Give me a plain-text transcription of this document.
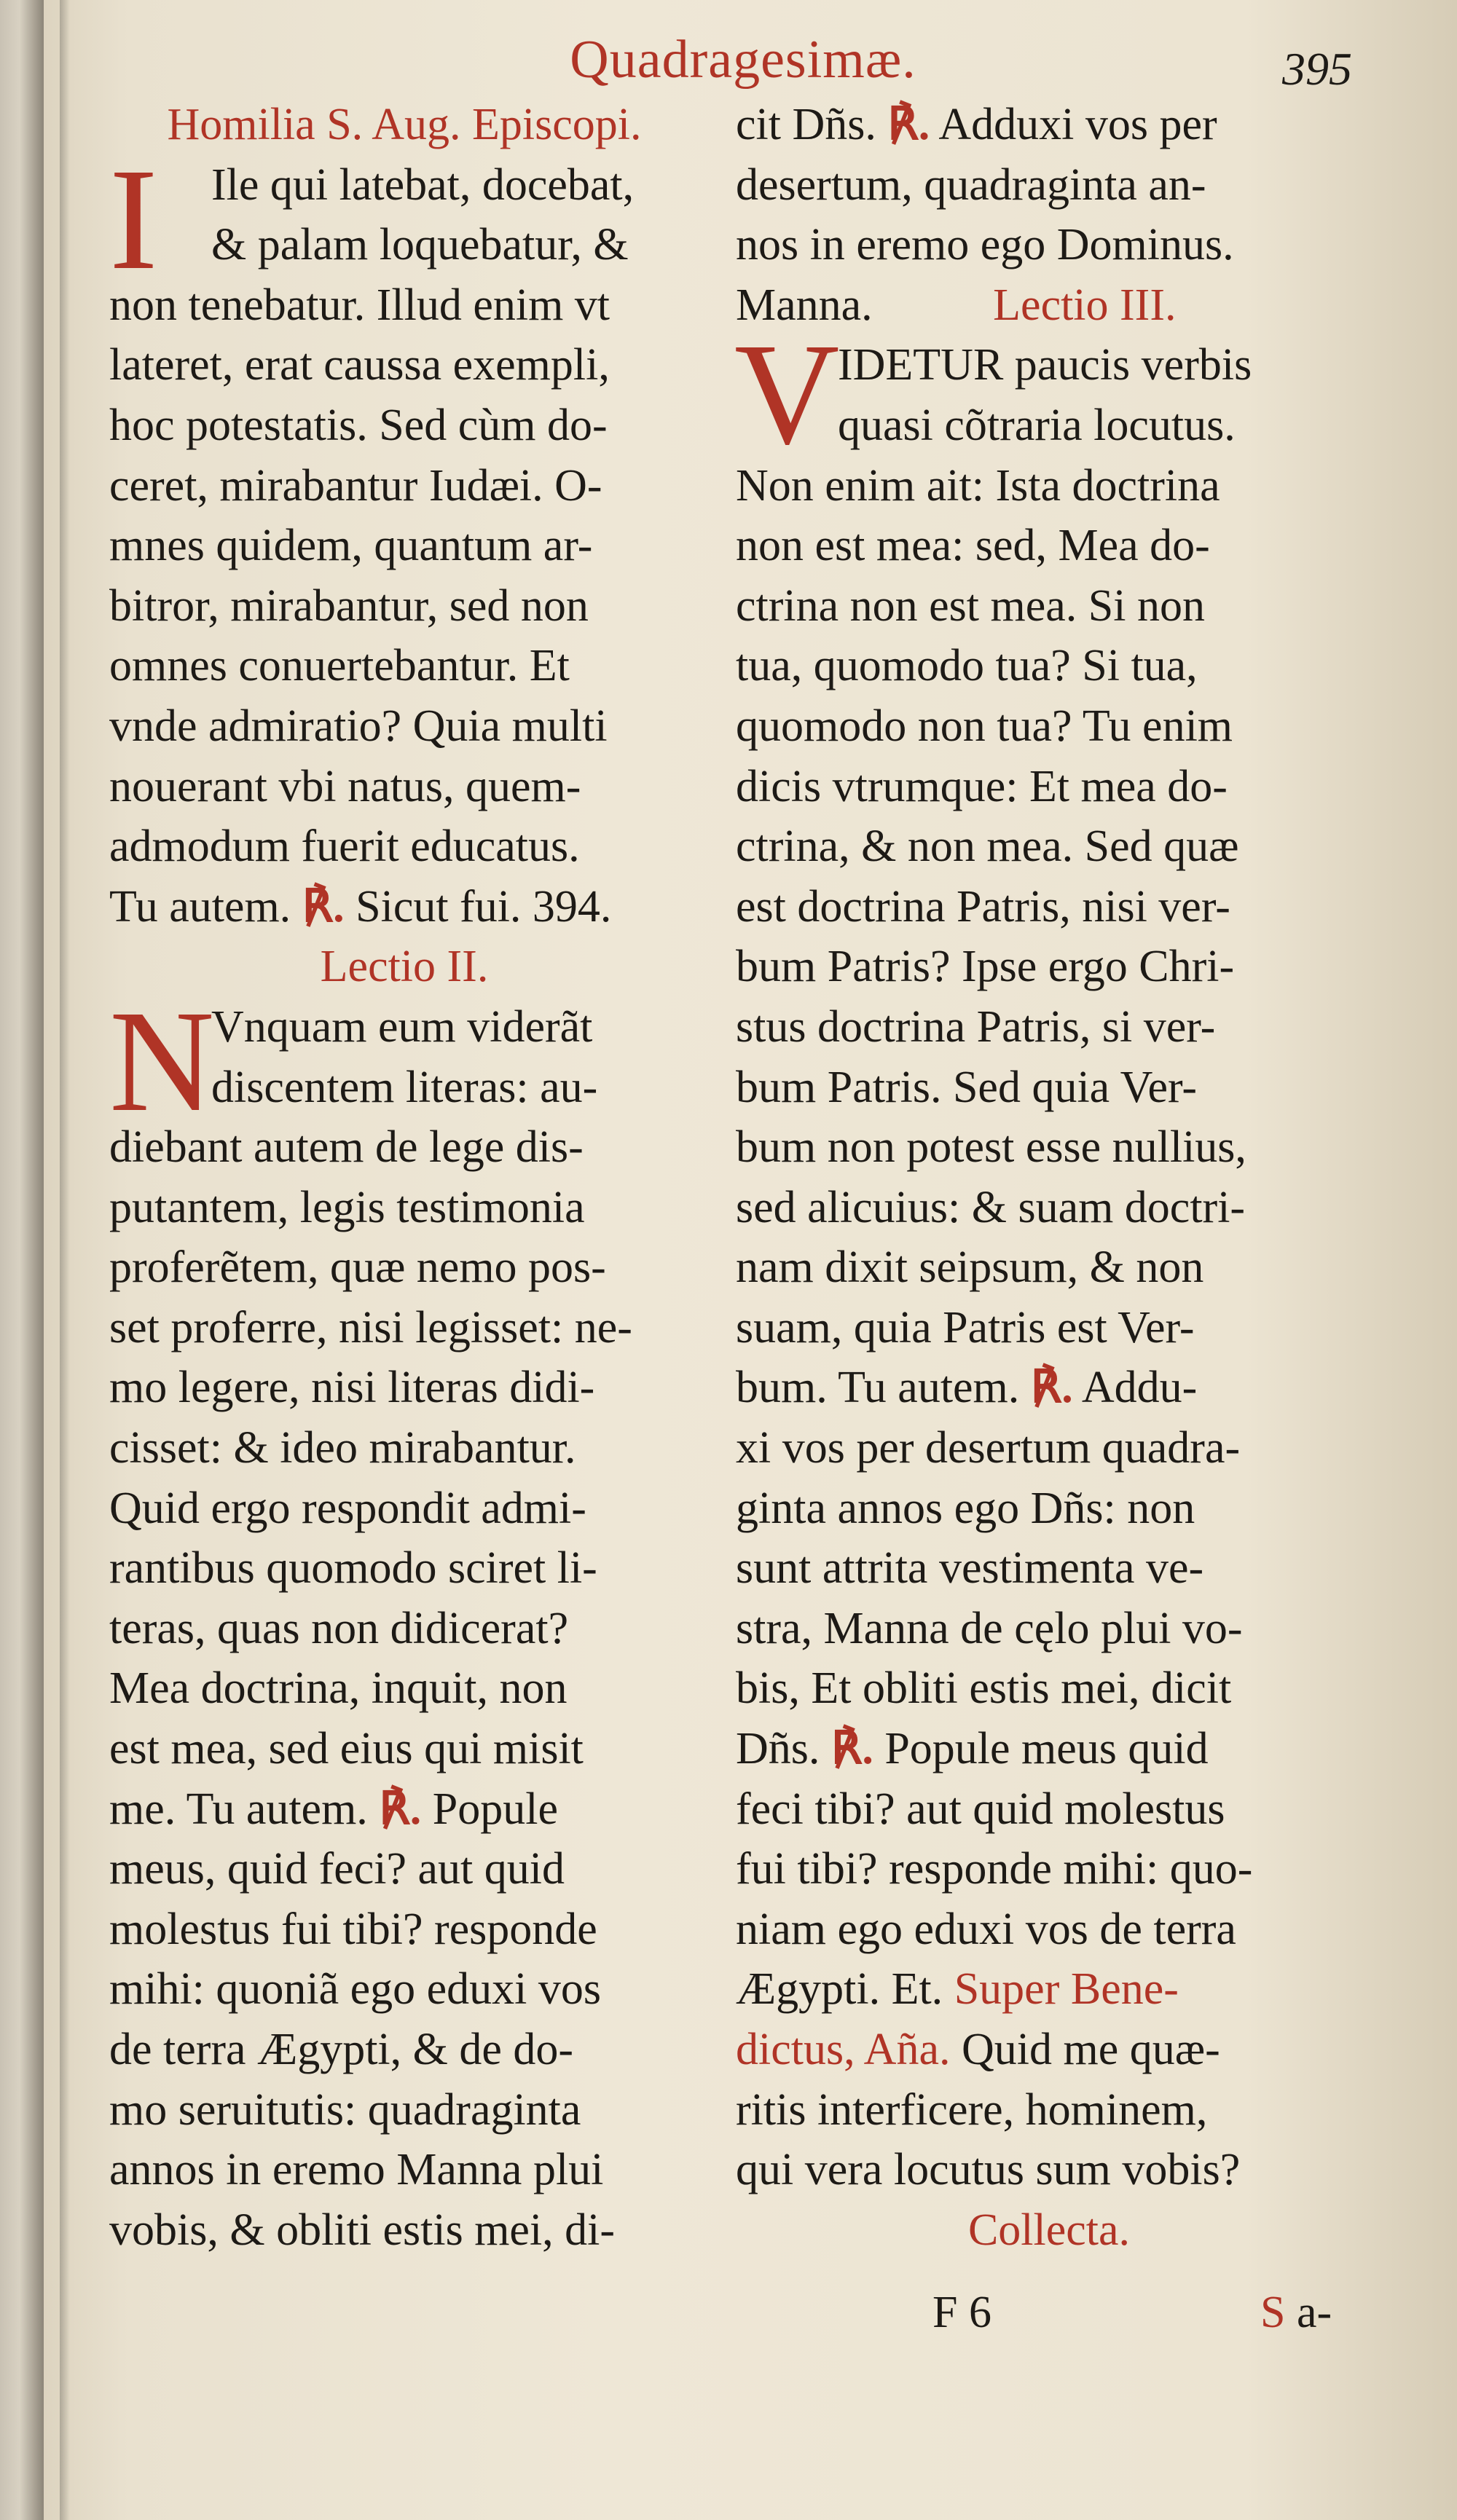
Quadragesimæ.	395
Homilia S. Aug. Episcopi.
Ile qui latebat, docebat,
& palam loquebatur, &
non tenebatur. Illud enim vt
lateret, erat caussa exempli,
hoc potestatis. Sed cùm do-
ceret, mirabantur Iudæi. O-
mnes quidem, quantum ar-
bitror, mirabantur, sed non
omnes conuertebantur. Et
vnde admiratio? Quia multi
nouerant vbi natus, quem-
admodum fuerit educatus.
Tu autem. ℟. Sicut fui. 394.
Lectio II.
Vnquam eum viderãt
discentem literas: au-
diebant autem de lege dis-
putantem, legis testimonia
proferẽtem, quæ nemo pos-
set proferre, nisi legisset: ne-
mo legere, nisi literas didi-
cisset: & ideo mirabantur.
Quid ergo respondit admi-
rantibus quomodo sciret li-
teras, quas non didicerat?
Mea doctrina, inquit, non
est mea, sed eius qui misit
me. Tu autem. ℟. Popule
meus, quid feci? aut quid
molestus fui tibi? responde
mihi: quoniã ego eduxi vos
de terra Ægypti, & de do-
mo seruitutis: quadraginta
annos in eremo Manna plui
vobis, & obliti estis mei, di-
I
N
cit Dñs. ℟. Adduxi vos per
desertum, quadraginta an-
nos in eremo ego Dominus.
Manna.	Lectio III.
IDETUR paucis verbis
quasi cõtraria locutus.
Non enim ait: Ista doctrina
non est mea: sed, Mea do-
ctrina non est mea. Si non
tua, quomodo tua? Si tua,
quomodo non tua? Tu enim
dicis vtrumque: Et mea do-
ctrina, & non mea. Sed quæ
est doctrina Patris, nisi ver-
bum Patris? Ipse ergo Chri-
stus doctrina Patris, si ver-
bum Patris. Sed quia Ver-
bum non potest esse nullius,
sed alicuius: & suam doctri-
nam dixit seipsum, & non
suam, quia Patris est Ver-
bum. Tu autem. ℟. Addu-
xi vos per desertum quadra-
ginta annos ego Dñs: non
sunt attrita vestimenta ve-
stra, Manna de cęlo plui vo-
bis, Et obliti estis mei, dicit
Dñs. ℟. Popule meus quid
feci tibi? aut quid molestus
fui tibi? responde mihi: quo-
niam ego eduxi vos de terra
Ægypti. Et. Super Bene-
dictus, Aña. Quid me quæ-
ritis interficere, hominem,
qui vera locutus sum vobis?
Collecta.
V
F 6	S a-
